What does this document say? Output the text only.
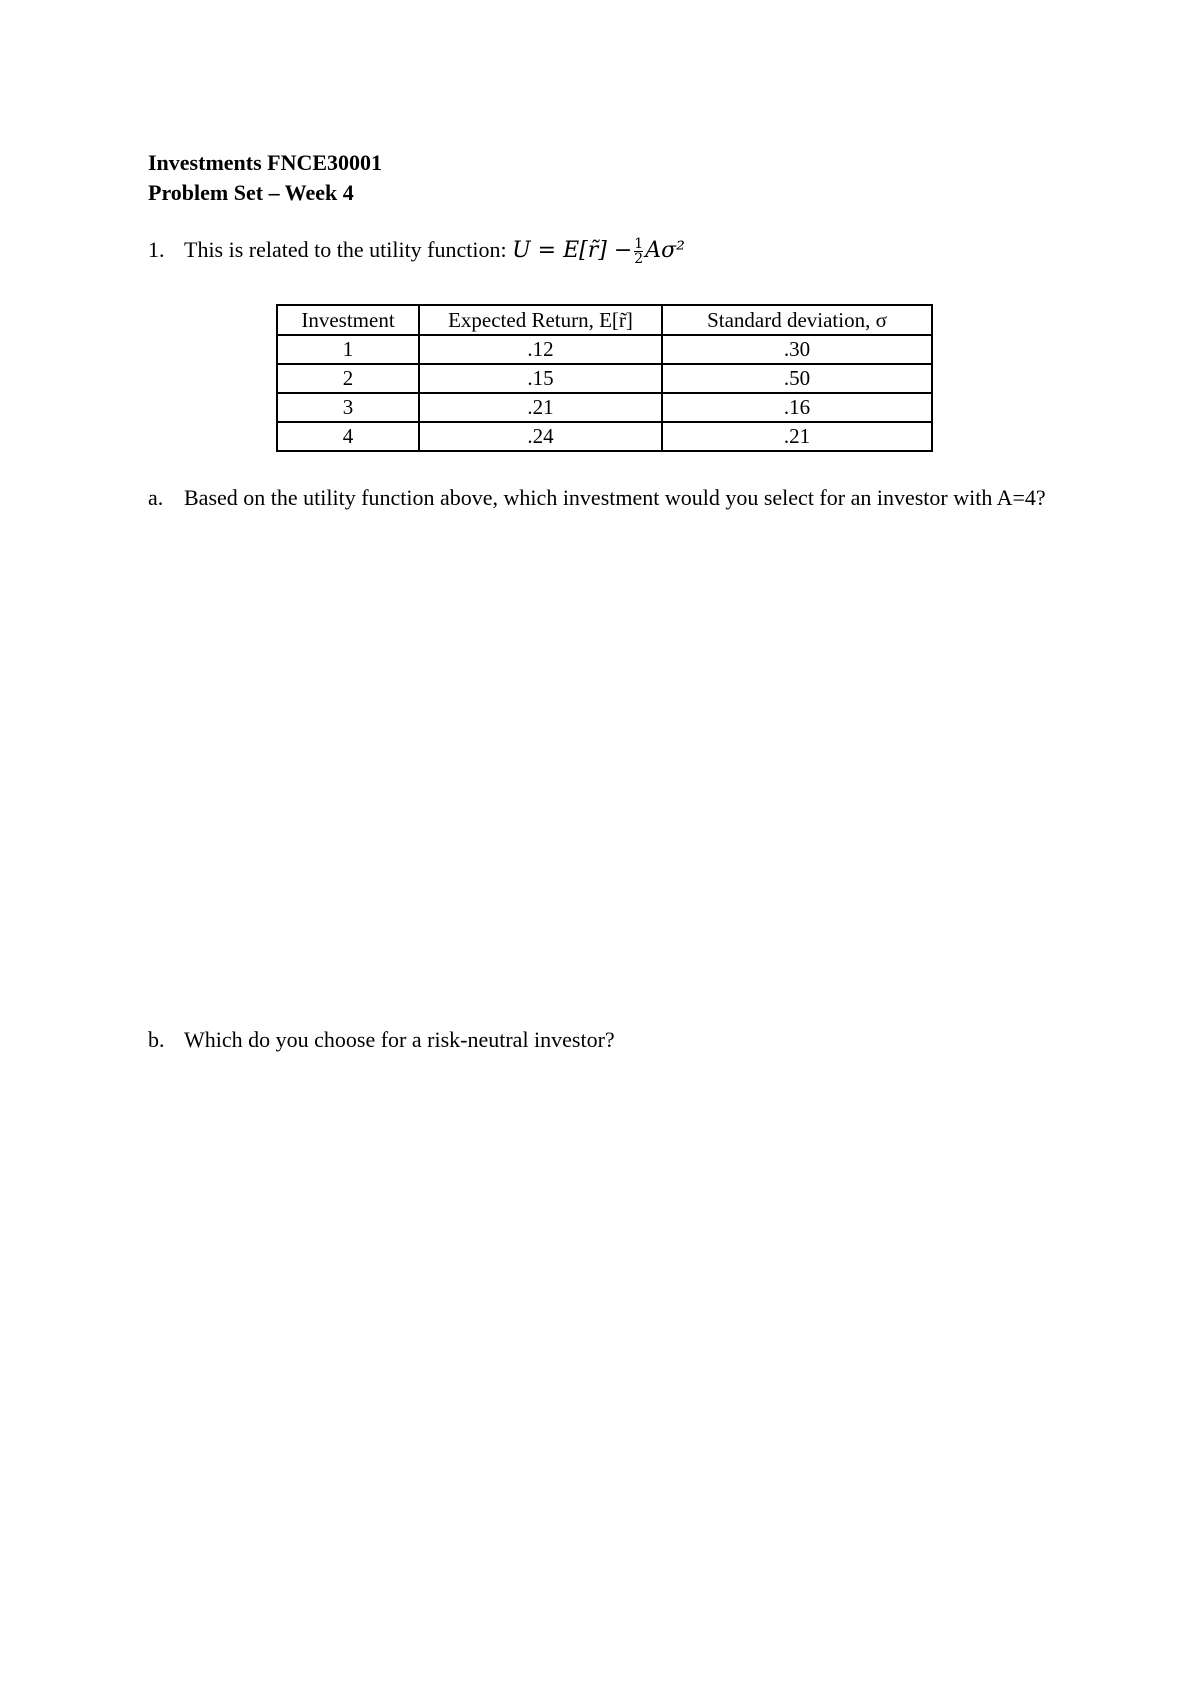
Investments FNCE30001
Problem Set – Week 4
1. This is related to the utility function: U = E[r̃] − $\frac{1}{2} A\sigma^2$
Investment	Expected Return, E[r̃]	Standard deviation, σ
1	.12	.30
2	.15	.50
3	.21	.16
4	.24	.21
a. Based on the utility function above, which investment would you select for an investor with A=4?
b. Which do you choose for a risk-neutral investor?
